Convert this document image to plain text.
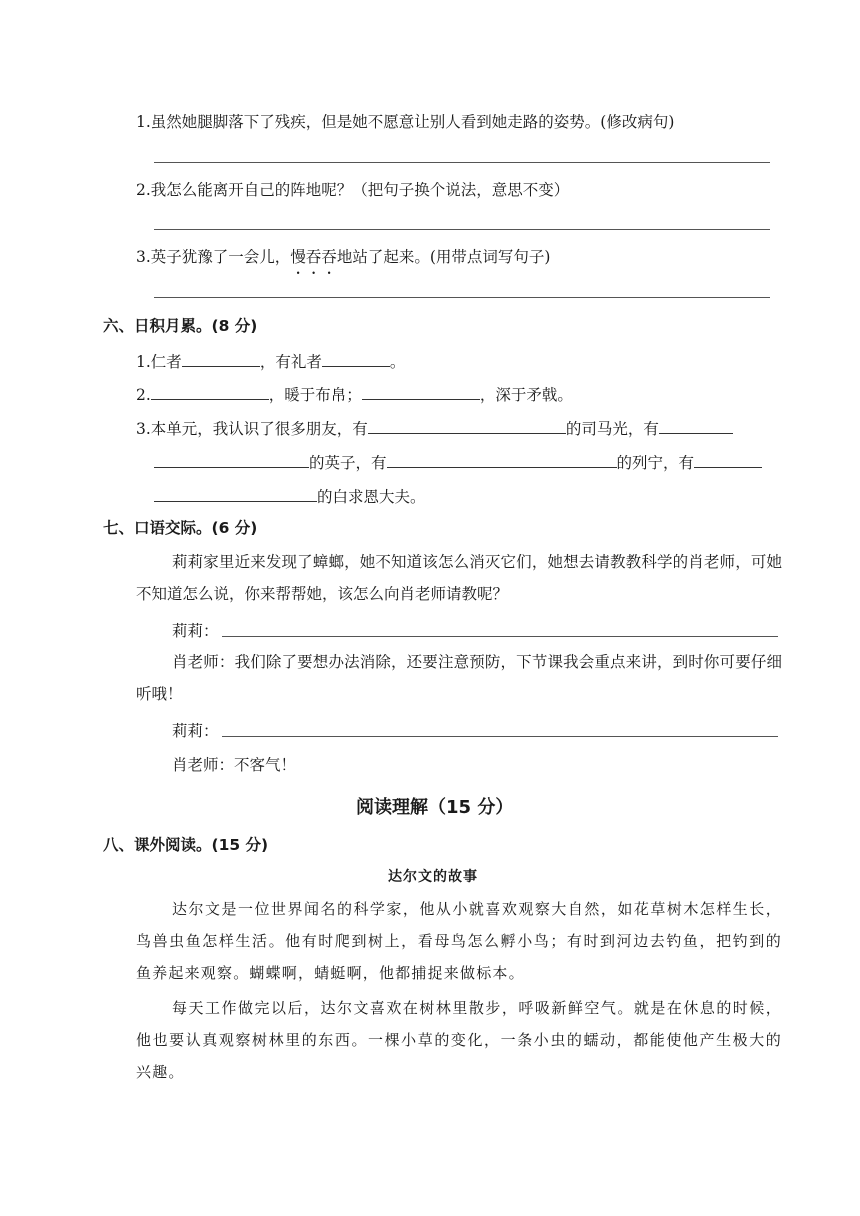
1.虽然她腿脚落下了残疾，但是她不愿意让别人看到她走路的姿势。(修改病句)
2.我怎么能离开自己的阵地呢？（把句子换个说法，意思不变）
3.英子犹豫了一会儿，慢吞吞地站了起来。(用带点词写句子)
六、日积月累。(8 分)
1.仁者	，有礼者	。
2.	，暖于布帛；	，深于矛戟。
3.本单元，我认识了很多朋友，有	的司马光，有
的英子，有	的列宁，有
的白求恩大夫。
七、口语交际。(6 分)
莉莉家里近来发现了蟑螂，她不知道该怎么消灭它们，她想去请教教科学的肖老师，可她不知道怎么说，你来帮帮她，该怎么向肖老师请教呢？
莉莉：
肖老师：我们除了要想办法消除，还要注意预防，下节课我会重点来讲，到时你可要仔细听哦！
莉莉：
肖老师：不客气！
阅读理解（15 分）
八、课外阅读。(15 分)
达尔文的故事
达尔文是一位世界闻名的科学家，他从小就喜欢观察大自然，如花草树木怎样生长，鸟兽虫鱼怎样生活。他有时爬到树上，看母鸟怎么孵小鸟；有时到河边去钓鱼，把钓到的鱼养起来观察。蝴蝶啊，蜻蜓啊，他都捕捉来做标本。
每天工作做完以后，达尔文喜欢在树林里散步，呼吸新鲜空气。就是在休息的时候，他也要认真观察树林里的东西。一棵小草的变化，一条小虫的蠕动，都能使他产生极大的兴趣。
